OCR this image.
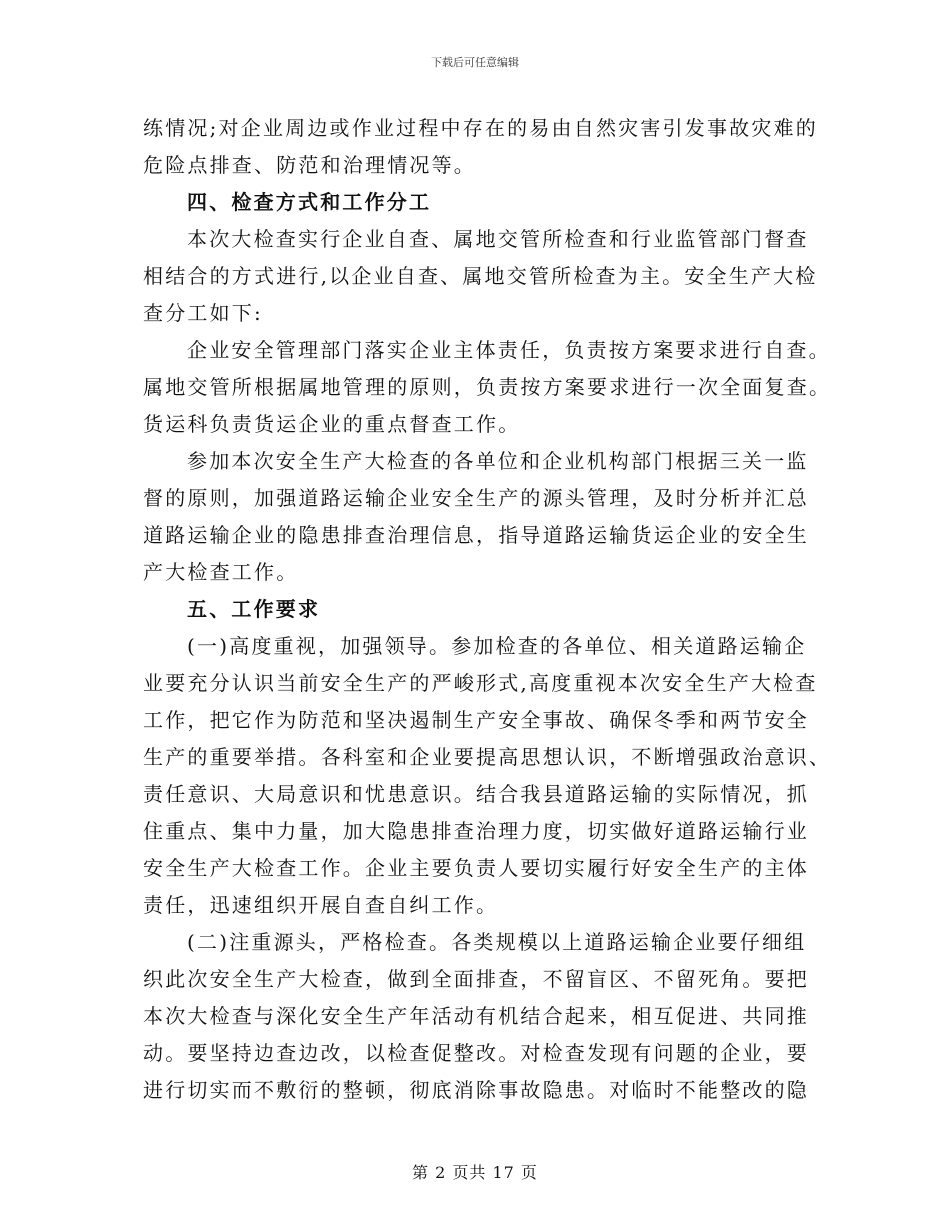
下载后可任意编辑
练情况;对企业周边或作业过程中存在的易由自然灾害引发事故灾难的
危险点排查、防范和治理情况等。
四、检查方式和工作分工
本次大检查实行企业自查、属地交管所检查和行业监管部门督查
相结合的方式进行,以企业自查、属地交管所检查为主。安全生产大检
查分工如下:
企业安全管理部门落实企业主体责任，负责按方案要求进行自查。
属地交管所根据属地管理的原则，负责按方案要求进行一次全面复查。
货运科负责货运企业的重点督查工作。
参加本次安全生产大检查的各单位和企业机构部门根据三关一监
督的原则，加强道路运输企业安全生产的源头管理，及时分析并汇总
道路运输企业的隐患排查治理信息，指导道路运输货运企业的安全生
产大检查工作。
五、工作要求
(一)高度重视，加强领导。参加检查的各单位、相关道路运输企
业要充分认识当前安全生产的严峻形式,高度重视本次安全生产大检查
工作，把它作为防范和坚决遏制生产安全事故、确保冬季和两节安全
生产的重要举措。各科室和企业要提高思想认识，不断增强政治意识、
责任意识、大局意识和忧患意识。结合我县道路运输的实际情况，抓
住重点、集中力量，加大隐患排查治理力度，切实做好道路运输行业
安全生产大检查工作。企业主要负责人要切实履行好安全生产的主体
责任，迅速组织开展自查自纠工作。
(二)注重源头，严格检查。各类规模以上道路运输企业要仔细组
织此次安全生产大检查，做到全面排查，不留盲区、不留死角。要把
本次大检查与深化安全生产年活动有机结合起来，相互促进、共同推
动。要坚持边查边改，以检查促整改。对检查发现有问题的企业，要
进行切实而不敷衍的整顿，彻底消除事故隐患。对临时不能整改的隐
第 2 页共 17 页
